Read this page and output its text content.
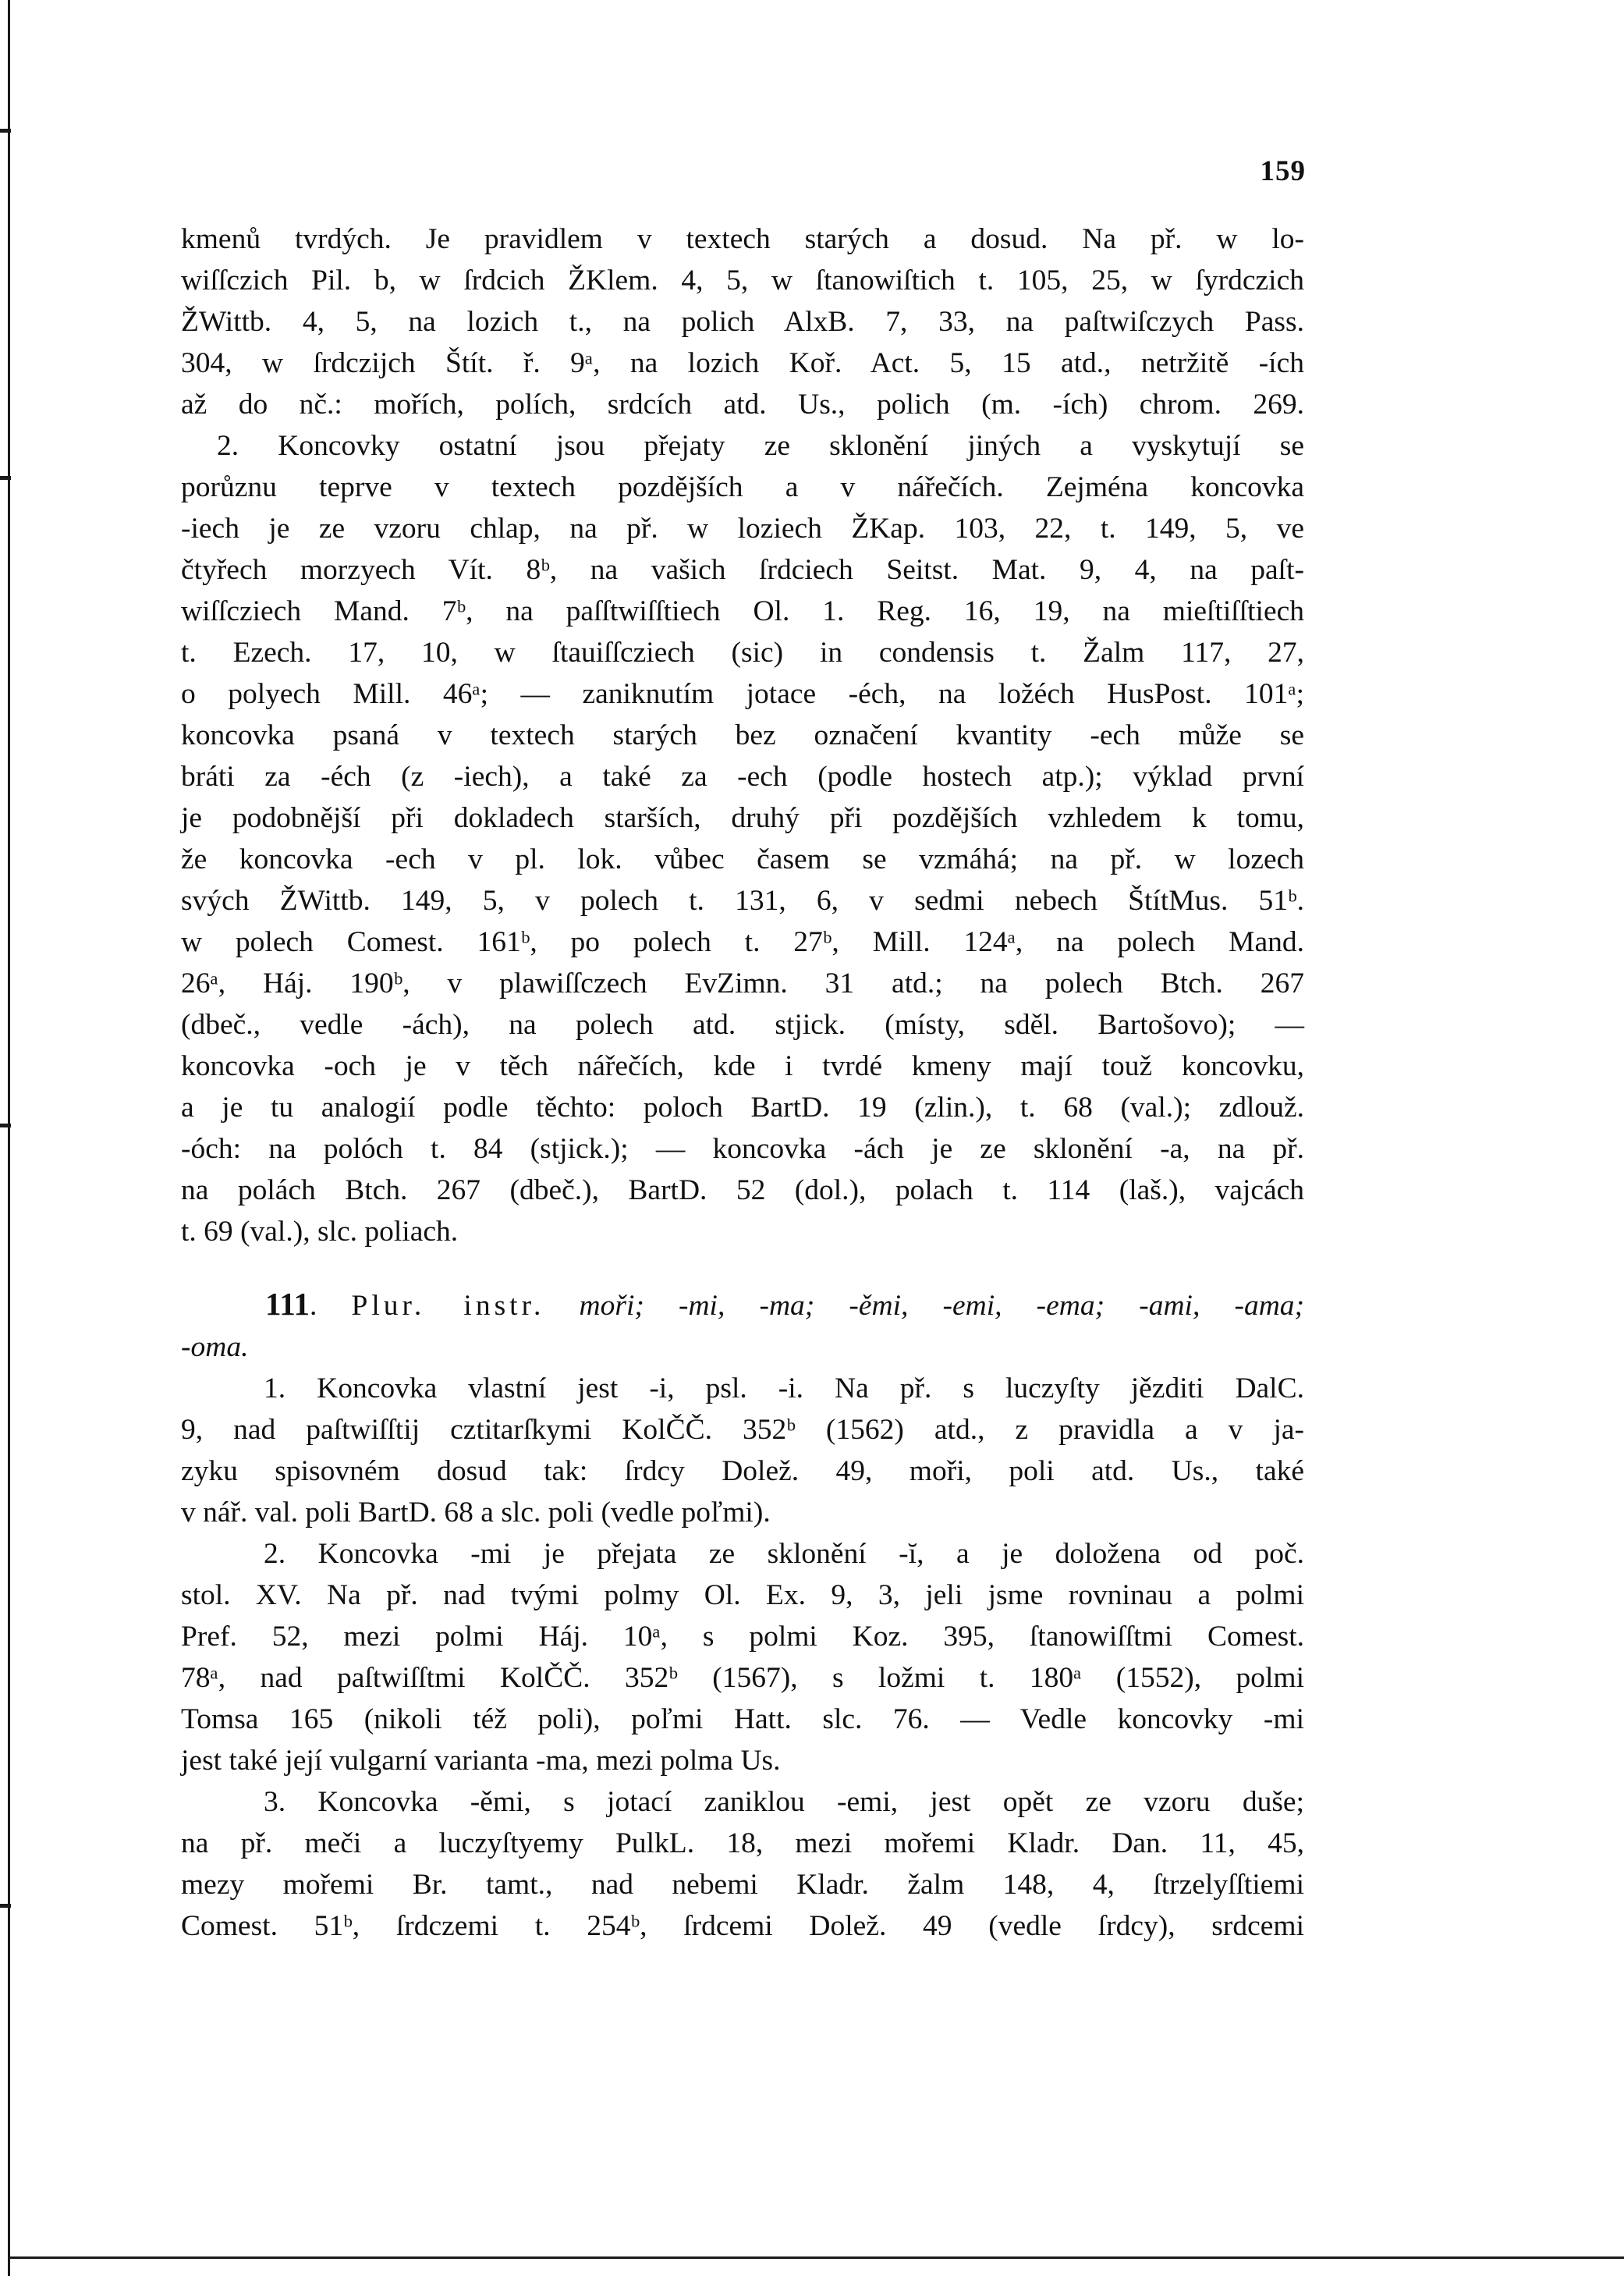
159
kmenů tvrdých. Je pravidlem v textech starých a dosud. Na př. w lo-
wiſſczich Pil. b, w ſrdcich ŽKlem. 4, 5, w ſtanowiſtich t. 105, 25, w ſyrdczich
ŽWittb. 4, 5, na lozich t., na polich AlxB. 7, 33, na paſtwiſczych Pass.
304, w ſrdczijch Štít. ř. 9ᵃ, na lozich Koř. Act. 5, 15 atd., netržitě -ích
až do nč.: mořích, polích, srdcích atd. Us., polich (m. -ích) chrom. 269.
2. Koncovky ostatní jsou přejaty ze sklonění jiných a vyskytují se
porůznu teprve v textech pozdějších a v nářečích. Zejména koncovka
-iech je ze vzoru chlap, na př. w loziech ŽKap. 103, 22, t. 149, 5, ve
čtyřech morzyech Vít. 8ᵇ, na vašich ſrdciech Seitst. Mat. 9, 4, na paſt-
wiſſcziech Mand. 7ᵇ, na paſſtwiſſtiech Ol. 1. Reg. 16, 19, na mieſtiſſtiech
t. Ezech. 17, 10, w ſtauiſſcziech (sic) in condensis t. Žalm 117, 27,
o polyech Mill. 46ᵃ; — zaniknutím jotace -éch, na ložéch HusPost. 101ᵃ;
koncovka psaná v textech starých bez označení kvantity -ech může se
bráti za -éch (z -iech), a také za -ech (podle hostech atp.); výklad první
je podobnější při dokladech starších, druhý při pozdějších vzhledem k tomu,
že koncovka -ech v pl. lok. vůbec časem se vzmáhá; na př. w lozech
svých ŽWittb. 149, 5, v polech t. 131, 6, v sedmi nebech ŠtítMus. 51ᵇ.
w polech Comest. 161ᵇ, po polech t. 27ᵇ, Mill. 124ᵃ, na polech Mand.
26ᵃ, Háj. 190ᵇ, v plawiſſczech EvZimn. 31 atd.; na polech Btch. 267
(dbeč., vedle -ách), na polech atd. stjick. (místy, sděl. Bartošovo); —
koncovka -och je v těch nářečích, kde i tvrdé kmeny mají touž koncovku,
a je tu analogií podle těchto: poloch BartD. 19 (zlin.), t. 68 (val.); zdlouž.
-óch: na polóch t. 84 (stjick.); — koncovka -ách je ze sklonění -a, na př.
na polách Btch. 267 (dbeč.), BartD. 52 (dol.), polach t. 114 (laš.), vajcách
t. 69 (val.), slc. poliach.
111. Plur. instr. moři; -mi, -ma; -ěmi, -emi, -ema; -ami, -ama;
-oma.
1. Koncovka vlastní jest -i, psl. -i. Na př. s luczyſty jězditi DalC.
9, nad paſtwiſſtij cztitarſkymi KolČČ. 352ᵇ (1562) atd., z pravidla a v ja-
zyku spisovném dosud tak: ſrdcy Dolež. 49, moři, poli atd. Us., také
v nář. val. poli BartD. 68 a slc. poli (vedle poľmi).
2. Koncovka -mi je přejata ze sklonění -ĭ, a je doložena od poč.
stol. XV. Na př. nad tvými polmy Ol. Ex. 9, 3, jeli jsme rovninau a polmi
Pref. 52, mezi polmi Háj. 10ᵃ, s polmi Koz. 395, ſtanowiſſtmi Comest.
78ᵃ, nad paſtwiſſtmi KolČČ. 352ᵇ (1567), s ložmi t. 180ᵃ (1552), polmi
Tomsa 165 (nikoli též poli), poľmi Hatt. slc. 76. — Vedle koncovky -mi
jest také její vulgarní varianta -ma, mezi polma Us.
3. Koncovka -ěmi, s jotací zaniklou -emi, jest opět ze vzoru duše;
na př. meči a luczyſtyemy PulkL. 18, mezi mořemi Kladr. Dan. 11, 45,
mezy mořemi Br. tamt., nad nebemi Kladr. žalm 148, 4, ſtrzelyſſtiemi
Comest. 51ᵇ, ſrdczemi t. 254ᵇ, ſrdcemi Dolež. 49 (vedle ſrdcy), srdcemi
